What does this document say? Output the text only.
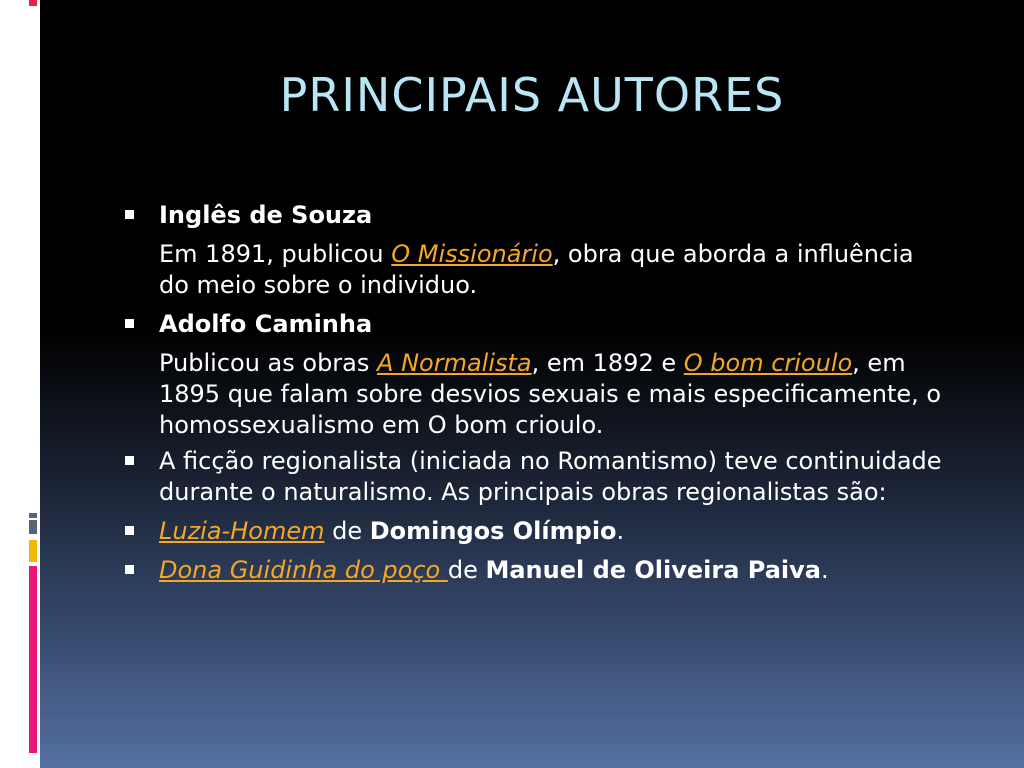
PRINCIPAIS AUTORES
Inglês de Souza
Em 1891, publicou O Missionário, obra que aborda a influência do meio sobre o individuo.
Adolfo Caminha
Publicou as obras A Normalista, em 1892 e O bom crioulo, em 1895 que falam sobre desvios sexuais e mais especificamente, o homossexualismo em O bom crioulo.
A ficção regionalista (iniciada no Romantismo) teve continuidade durante o naturalismo. As principais obras regionalistas são:
Luzia-Homem de Domingos Olímpio.
Dona Guidinha do poço de Manuel de Oliveira Paiva.
